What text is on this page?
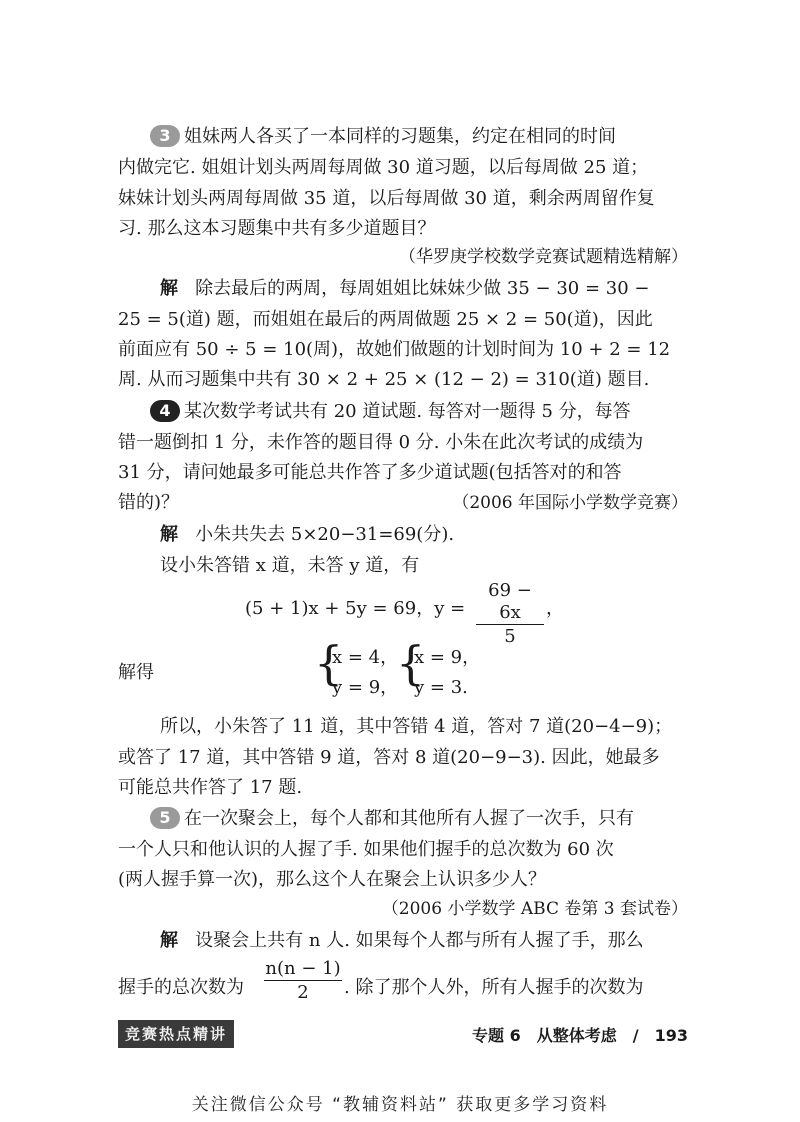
3 姐妹两人各买了一本同样的习题集，约定在相同的时间
内做完它. 姐姐计划头两周每周做 30 道习题，以后每周做 25 道；
妹妹计划头两周每周做 35 道，以后每周做 30 道，剩余两周留作复
习. 那么这本习题集中共有多少道题目？
（华罗庚学校数学竞赛试题精选精解）
解 除去最后的两周，每周姐姐比妹妹少做 35 − 30 = 30 −
25 = 5(道) 题，而姐姐在最后的两周做题 25 × 2 = 50(道)，因此
前面应有 50 ÷ 5 = 10(周)，故她们做题的计划时间为 10 + 2 = 12
周. 从而习题集中共有 30 × 2 + 25 × (12 − 2) = 310(道) 题目.
4 某次数学考试共有 20 道试题. 每答对一题得 5 分，每答
错一题倒扣 1 分，未作答的题目得 0 分. 小朱在此次考试的成绩为
31 分，请问她最多可能总共作答了多少道试题(包括答对的和答
错的)？	（2006 年国际小学数学竞赛）
解 小朱共失去 5×20−31=69(分).
设小朱答错 x 道，未答 y 道，有
(5 + 1)x + 5y = 69，y =
69 − 6x
5
，
解得	{
x = 4，
y = 9，
{
x = 9，
y = 3.
所以，小朱答了 11 道，其中答错 4 道，答对 7 道(20−4−9)；
或答了 17 道，其中答错 9 道，答对 8 道(20−9−3). 因此，她最多
可能总共作答了 17 题.
5 在一次聚会上，每个人都和其他所有人握了一次手，只有
一个人只和他认识的人握了手. 如果他们握手的总次数为 60 次
(两人握手算一次)，那么这个人在聚会上认识多少人？
（2006 小学数学 ABC 卷第 3 套试卷）
解 设聚会上共有 n 人. 如果每个人都与所有人握了手，那么
握手的总次数为
n(n − 1)
2	. 除了那个人外，所有人握手的次数为
竞赛热点精讲	专题 6　从整体考虑　/　193
关注微信公众号 “教辅资料站” 获取更多学习资料
